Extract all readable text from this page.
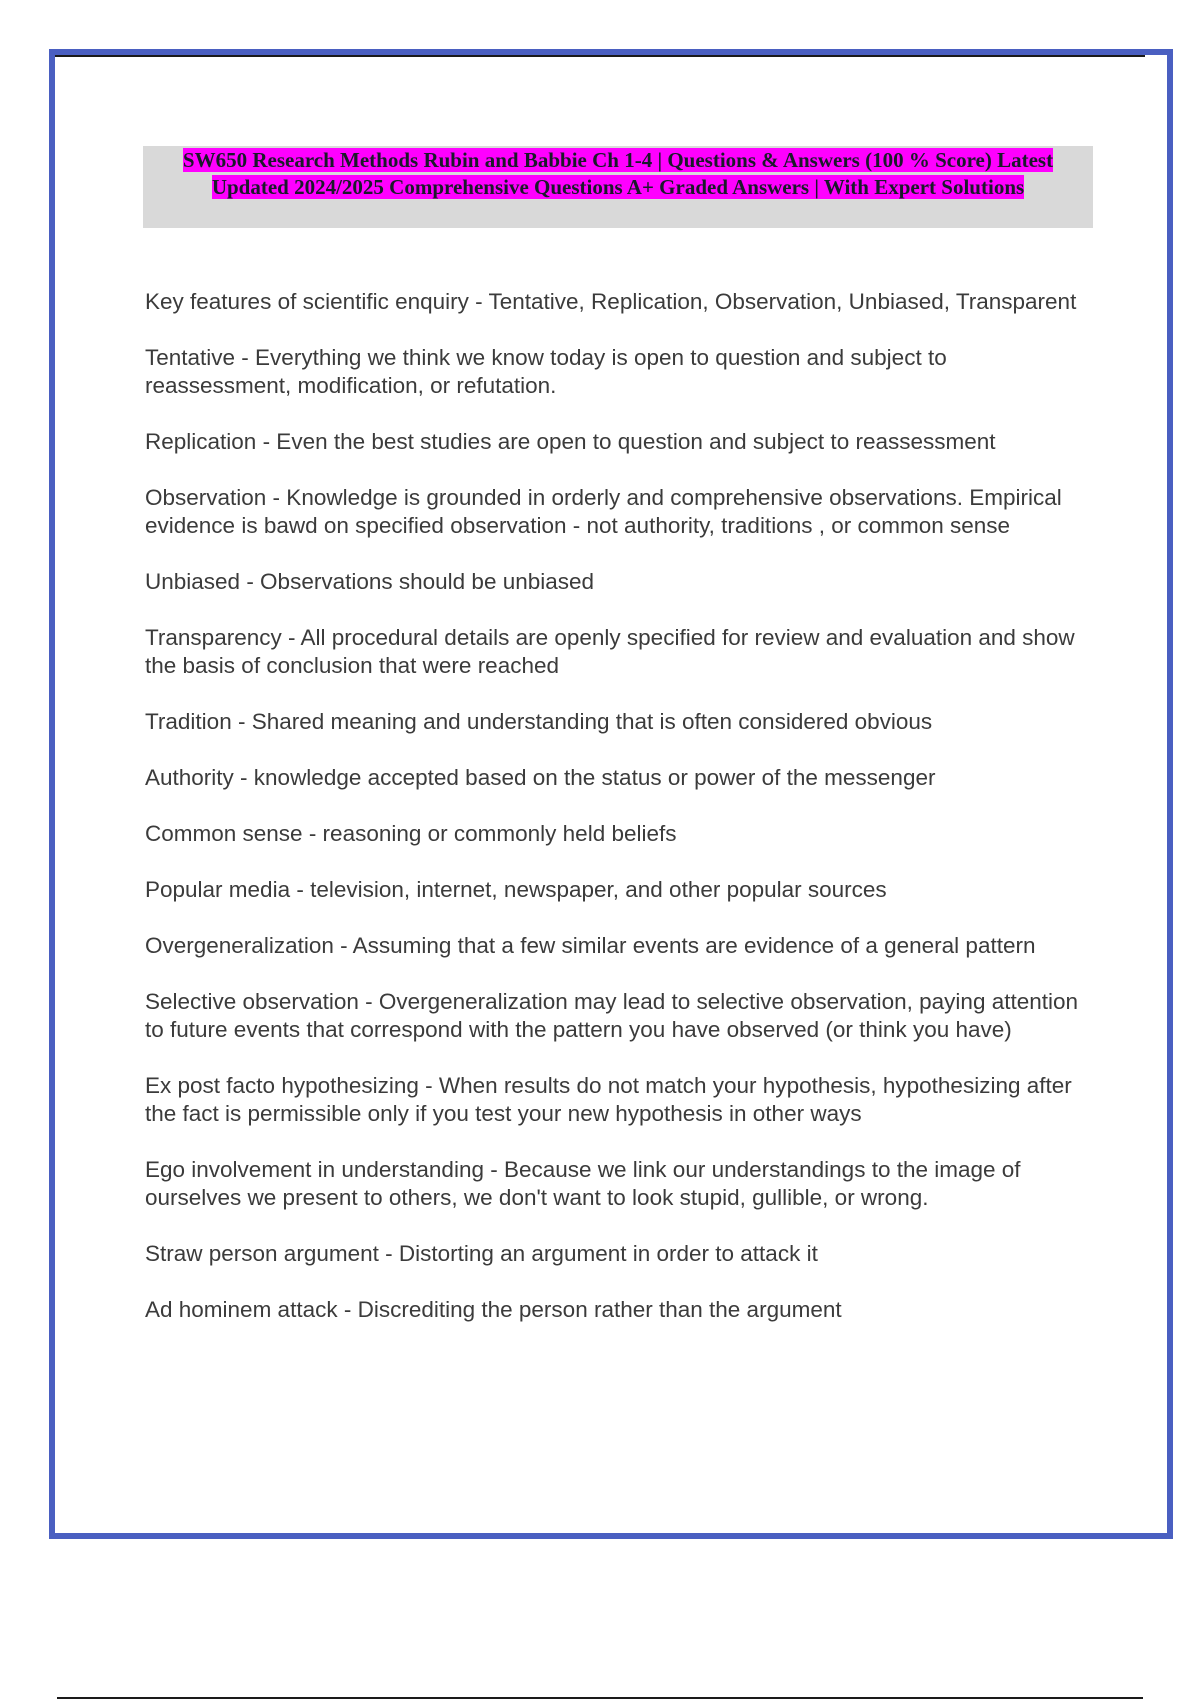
SW650 Research Methods Rubin and Babbie Ch 1-4 | Questions & Answers (100 % Score) Latest Updated 2024/2025 Comprehensive Questions A+ Graded Answers | With Expert Solutions

Key features of scientific enquiry - Tentative, Replication, Observation, Unbiased, Transparent

Tentative - Everything we think we know today is open to question and subject to reassessment, modification, or refutation.

Replication - Even the best studies are open to question and subject to reassessment

Observation - Knowledge is grounded in orderly and comprehensive observations. Empirical evidence is bawd on specified observation - not authority, traditions , or common sense

Unbiased - Observations should be unbiased

Transparency - All procedural details are openly specified for review and evaluation and show the basis of conclusion that were reached

Tradition - Shared meaning and understanding that is often considered obvious

Authority - knowledge accepted based on the status or power of the messenger

Common sense - reasoning or commonly held beliefs

Popular media - television, internet, newspaper, and other popular sources

Overgeneralization - Assuming that a few similar events are evidence of a general pattern

Selective observation - Overgeneralization may lead to selective observation, paying attention to future events that correspond with the pattern you have observed (or think you have)

Ex post facto hypothesizing - When results do not match your hypothesis, hypothesizing after the fact is permissible only if you test your new hypothesis in other ways

Ego involvement in understanding - Because we link our understandings to the image of ourselves we present to others, we don't want to look stupid, gullible, or wrong.

Straw person argument - Distorting an argument in order to attack it

Ad hominem attack - Discrediting the person rather than the argument
